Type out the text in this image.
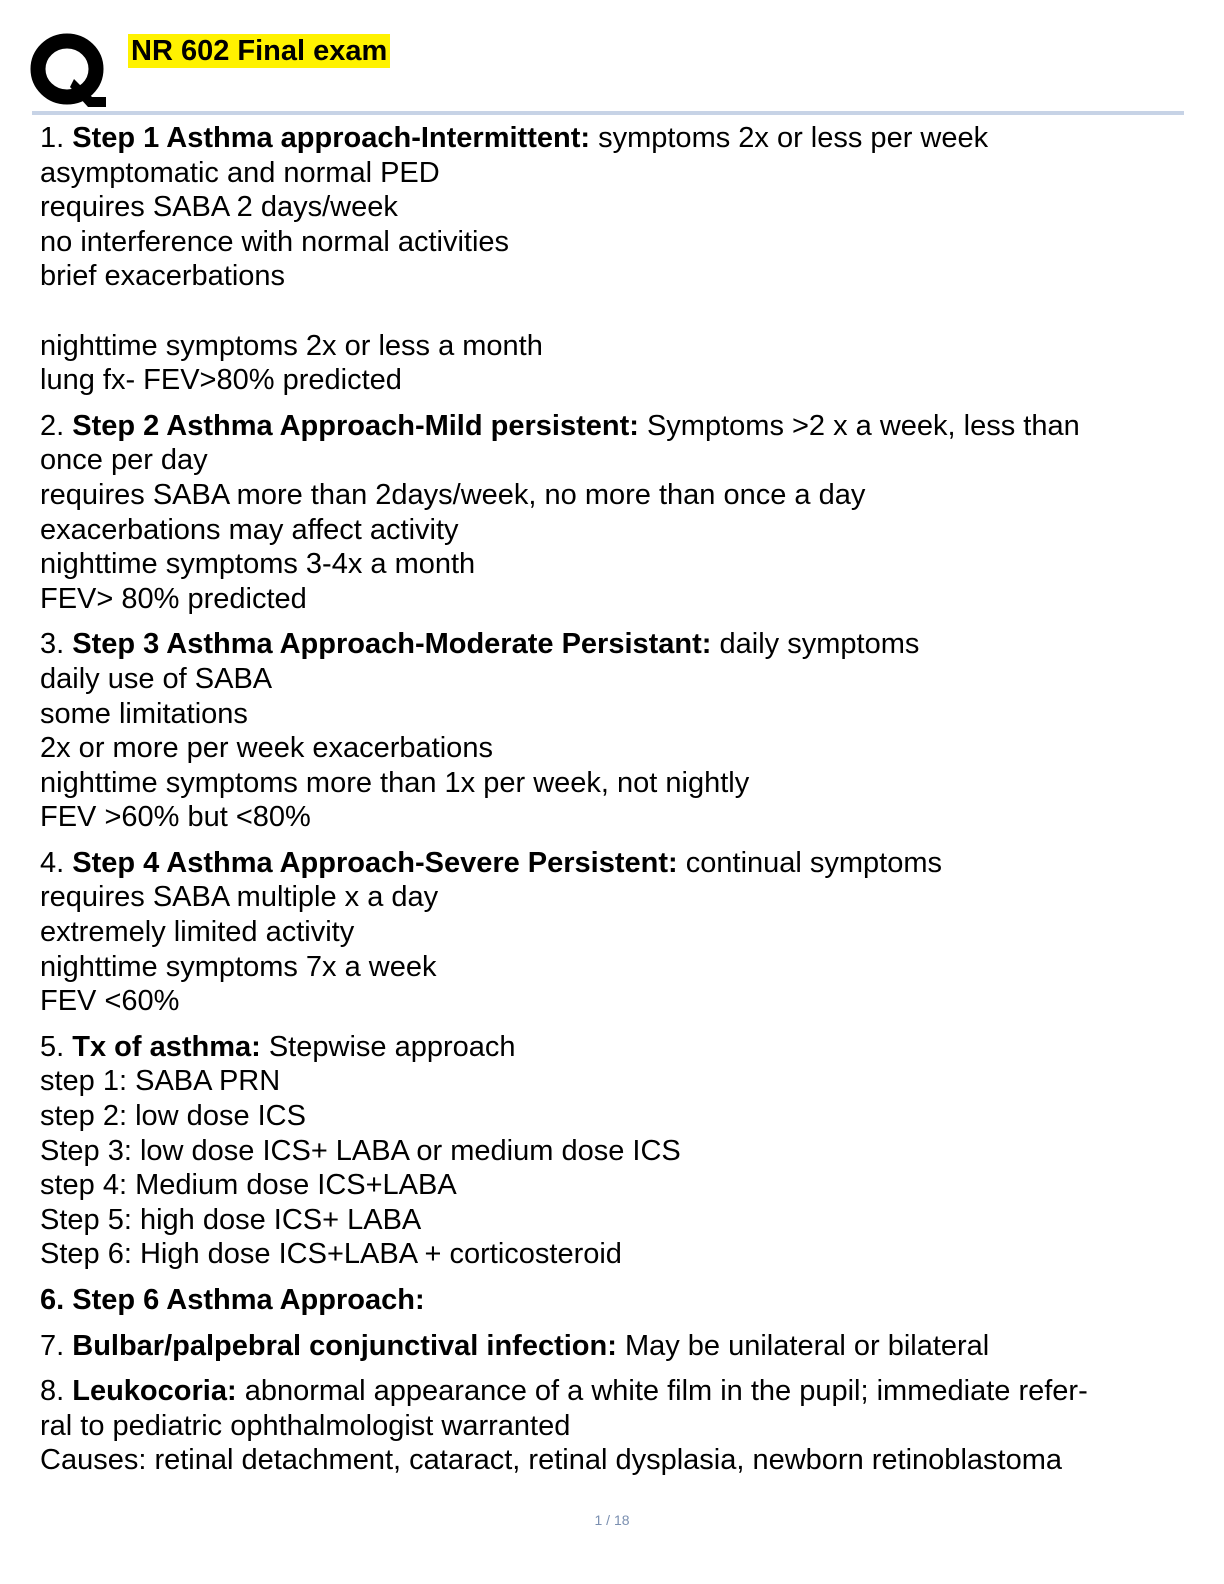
NR 602 Final exam
1. Step 1 Asthma approach-Intermittent: symptoms 2x or less per week
asymptomatic and normal PED
requires SABA 2 days/week
no interference with normal activities
brief exacerbations
nighttime symptoms 2x or less a month
lung fx- FEV>80% predicted
2. Step 2 Asthma Approach-Mild persistent: Symptoms >2 x a week, less than
once per day
requires SABA more than 2days/week, no more than once a day
exacerbations may affect activity
nighttime symptoms 3-4x a month
FEV> 80% predicted
3. Step 3 Asthma Approach-Moderate Persistant: daily symptoms
daily use of SABA
some limitations
2x or more per week exacerbations
nighttime symptoms more than 1x per week, not nightly
FEV >60% but <80%
4. Step 4 Asthma Approach-Severe Persistent: continual symptoms
requires SABA multiple x a day
extremely limited activity
nighttime symptoms 7x a week
FEV <60%
5. Tx of asthma: Stepwise approach
step 1: SABA PRN
step 2: low dose ICS
Step 3: low dose ICS+ LABA or medium dose ICS
step 4: Medium dose ICS+LABA
Step 5: high dose ICS+ LABA
Step 6: High dose ICS+LABA + corticosteroid
6. Step 6 Asthma Approach:
7. Bulbar/palpebral conjunctival infection: May be unilateral or bilateral
8. Leukocoria: abnormal appearance of a white film in the pupil; immediate refer-
ral to pediatric ophthalmologist warranted
Causes: retinal detachment, cataract, retinal dysplasia, newborn retinoblastoma
1 / 18
